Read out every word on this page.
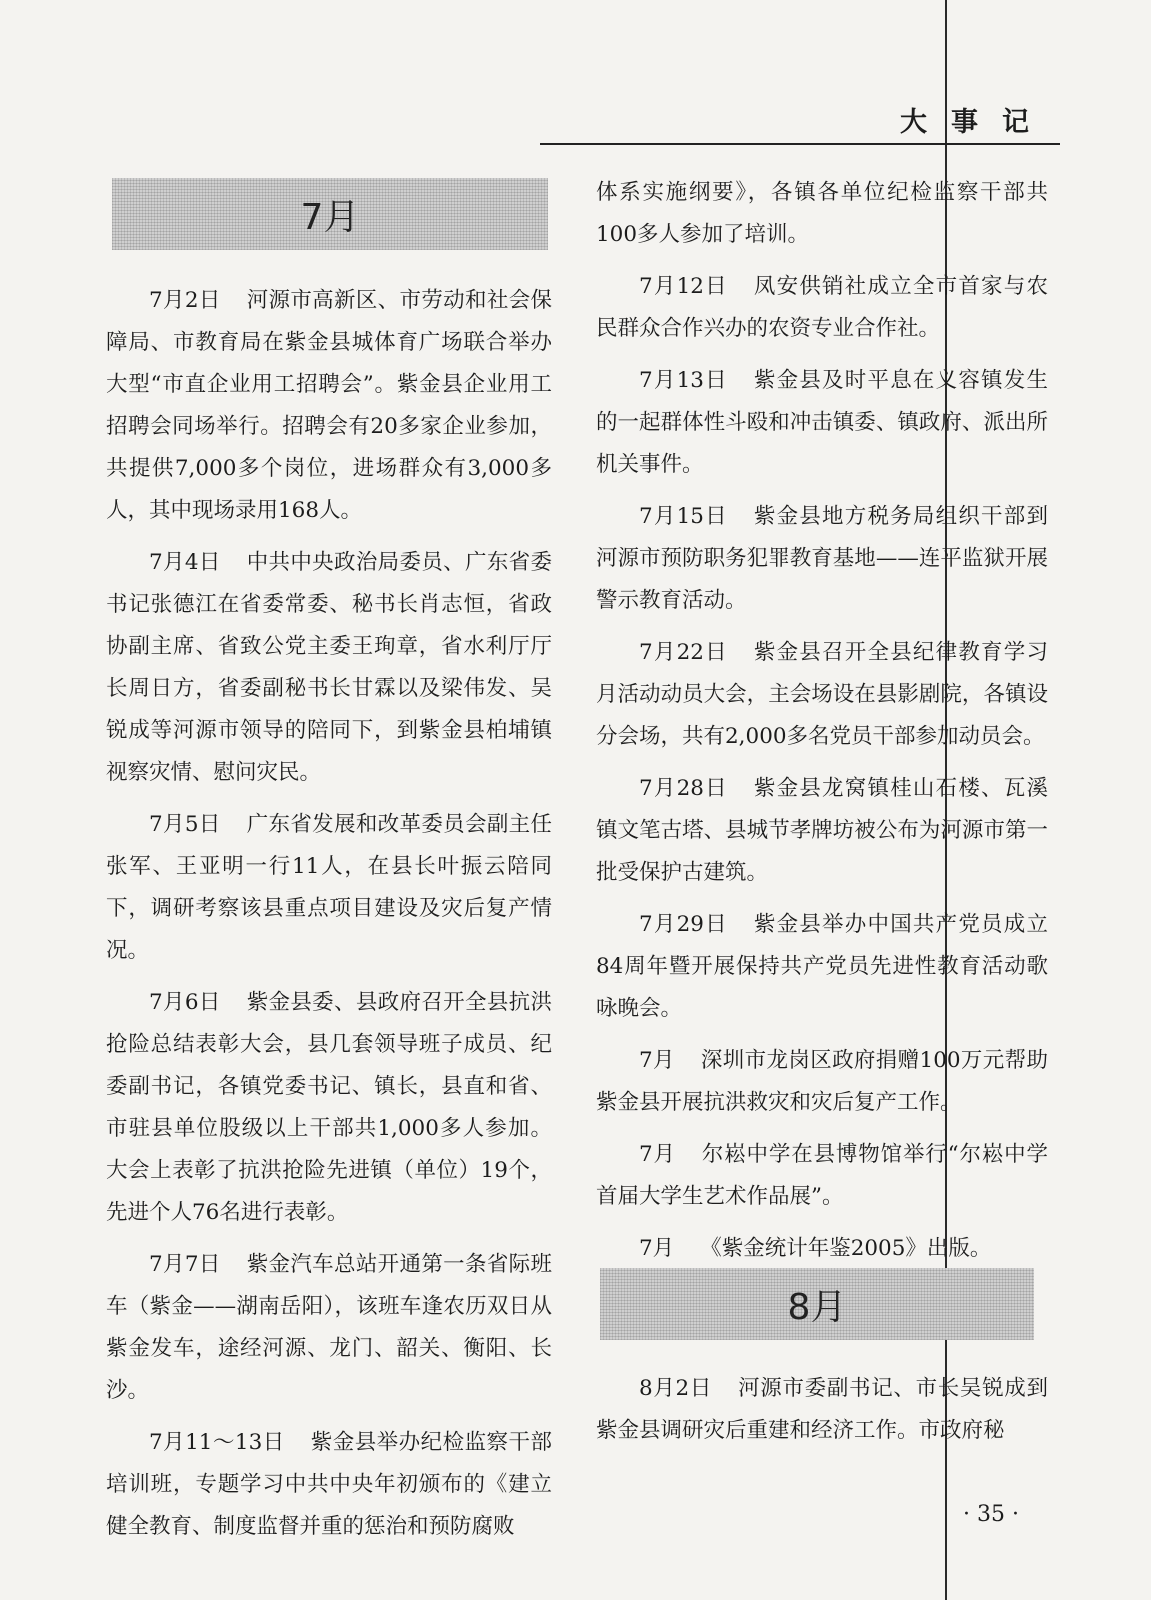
大事记
7月

7月2日 河源市高新区、市劳动和社会保障局、市教育局在紫金县城体育广场联合举办大型“市直企业用工招聘会”。紫金县企业用工招聘会同场举行。招聘会有20多家企业参加，共提供7,000多个岗位，进场群众有3,000多人，其中现场录用168人。

7月4日 中共中央政治局委员、广东省委书记张德江在省委常委、秘书长肖志恒，省政协副主席、省致公党主委王珣章，省水利厅厅长周日方，省委副秘书长甘霖以及梁伟发、吴锐成等河源市领导的陪同下，到紫金县柏埔镇视察灾情、慰问灾民。

7月5日 广东省发展和改革委员会副主任张军、王亚明一行11人，在县长叶振云陪同下，调研考察该县重点项目建设及灾后复产情况。

7月6日 紫金县委、县政府召开全县抗洪抢险总结表彰大会，县几套领导班子成员、纪委副书记，各镇党委书记、镇长，县直和省、市驻县单位股级以上干部共1,000多人参加。大会上表彰了抗洪抢险先进镇（单位）19个，先进个人76名进行表彰。

7月7日 紫金汽车总站开通第一条省际班车（紫金——湖南岳阳），该班车逢农历双日从紫金发车，途经河源、龙门、韶关、衡阳、长沙。

7月11～13日 紫金县举办纪检监察干部培训班，专题学习中共中央年初颁布的《建立健全教育、制度监督并重的惩治和预防腐败

体系实施纲要》，各镇各单位纪检监察干部共100多人参加了培训。

7月12日 凤安供销社成立全市首家与农民群众合作兴办的农资专业合作社。

7月13日 紫金县及时平息在义容镇发生的一起群体性斗殴和冲击镇委、镇政府、派出所机关事件。

7月15日 紫金县地方税务局组织干部到河源市预防职务犯罪教育基地——连平监狱开展警示教育活动。

7月22日 紫金县召开全县纪律教育学习月活动动员大会，主会场设在县影剧院，各镇设分会场，共有2,000多名党员干部参加动员会。

7月28日 紫金县龙窝镇桂山石楼、瓦溪镇文笔古塔、县城节孝牌坊被公布为河源市第一批受保护古建筑。

7月29日 紫金县举办中国共产党员成立84周年暨开展保持共产党员先进性教育活动歌咏晚会。

7月 深圳市龙岗区政府捐赠100万元帮助紫金县开展抗洪救灾和灾后复产工作。

7月 尔崧中学在县博物馆举行“尔崧中学首届大学生艺术作品展”。

7月 《紫金统计年鉴2005》出版。

8月

8月2日 河源市委副书记、市长吴锐成到紫金县调研灾后重建和经济工作。市政府秘

· 35 ·
